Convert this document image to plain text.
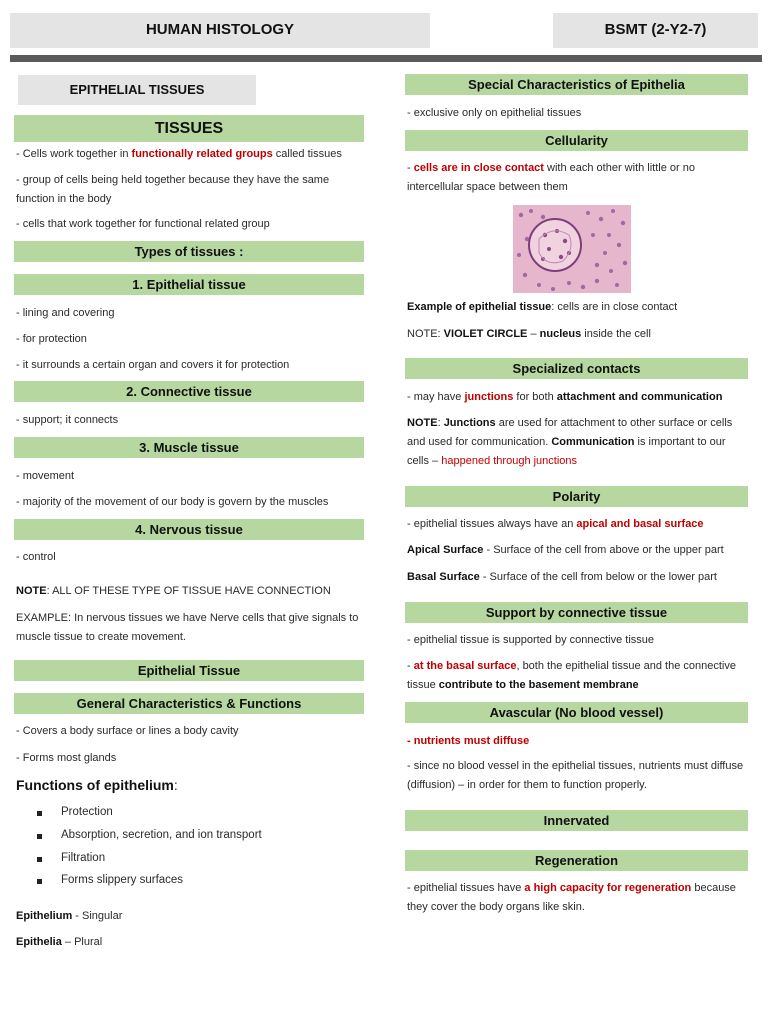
HUMAN HISTOLOGY	BSMT (2-Y2-7)
EPITHELIAL TISSUES
TISSUES
- Cells work together in functionally related groups called tissues
- group of cells being held together because they have the same function in the body
- cells that work together for functional related group
Types of tissues :
1. Epithelial tissue
- lining and covering
- for protection
- it surrounds a certain organ and covers it for protection
2. Connective tissue
- support; it connects
3. Muscle tissue
- movement
- majority of the movement of our body is govern by the muscles
4. Nervous tissue
- control
NOTE: ALL OF THESE TYPE OF TISSUE HAVE CONNECTION
EXAMPLE: In nervous tissues we have Nerve cells that give signals to muscle tissue to create movement.
Epithelial Tissue
General Characteristics & Functions
- Covers a body surface or lines a body cavity
- Forms most glands
Functions of epithelium:
Protection
Absorption, secretion, and ion transport
Filtration
Forms slippery surfaces
Epithelium - Singular
Epithelia – Plural
Special Characteristics of Epithelia
- exclusive only on epithelial tissues
Cellularity
- cells are in close contact with each other with little or no intercellular space between them
Example of epithelial tissue: cells are in close contact
NOTE: VIOLET CIRCLE – nucleus inside the cell
Specialized contacts
- may have junctions for both attachment and communication
NOTE: Junctions are used for attachment to other surface or cells and used for communication. Communication is important to our cells – happened through junctions
Polarity
- epithelial tissues always have an apical and basal surface
Apical Surface - Surface of the cell from above or the upper part
Basal Surface - Surface of the cell from below or the lower part
Support by connective tissue
- epithelial tissue is supported by connective tissue
- at the basal surface, both the epithelial tissue and the connective tissue contribute to the basement membrane
Avascular (No blood vessel)
- nutrients must diffuse
- since no blood vessel in the epithelial tissues, nutrients must diffuse (diffusion) – in order for them to function properly.
Innervated
Regeneration
- epithelial tissues have a high capacity for regeneration because they cover the body organs like skin.
